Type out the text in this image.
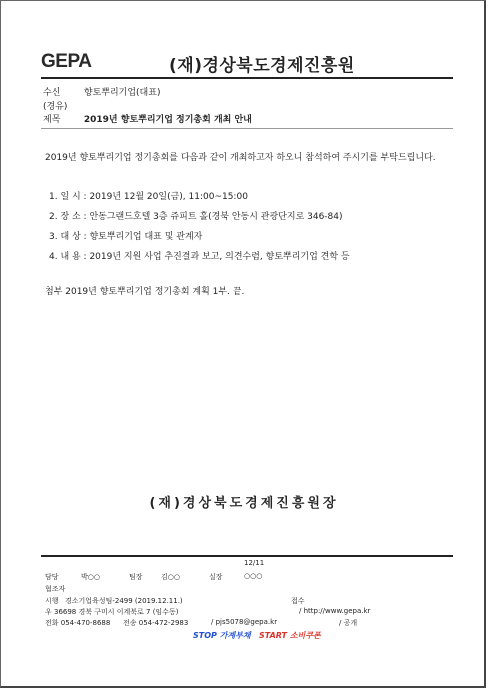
GEPA	(재)경상북도경제진흥원
수신	향토뿌리기업(대표)
(경유)
제목	2019년 향토뿌리기업 정기총회 개최 안내
2019년 향토뿌리기업 정기총회를 다음과 같이 개최하고자 하오니 참석하여 주시기를 부탁드립니다.
1. 일 시 : 2019년 12월 20일(금), 11:00~15:00
2. 장 소 : 안동그랜드호텔 3층 쥬피트 홀(경북 안동시 관광단지로 346-84)
3. 대 상 : 향토뿌리기업 대표 및 관계자
4. 내 용 : 2019년 지원 사업 추진결과 보고, 의견수렴, 향토뿌리기업 견학 등
첨부 2019년 향토뿌리기업 정기총회 계획 1부. 끝.
(재)경상북도경제진흥원장
12/11
담당	박○○	팀장	김○○	실장	○○○
협조자
시행 경소기업육성팀-2499 (2019.12.11.)	접수
우 36698 경북 구미시 이계북로 7 (임수동)	/ http://www.gepa.kr
전화 054-470-8688 전송 054-472-2983	/ pjs5078@gepa.kr	/ 공개
STOP 가계부채 START 소비쿠폰
